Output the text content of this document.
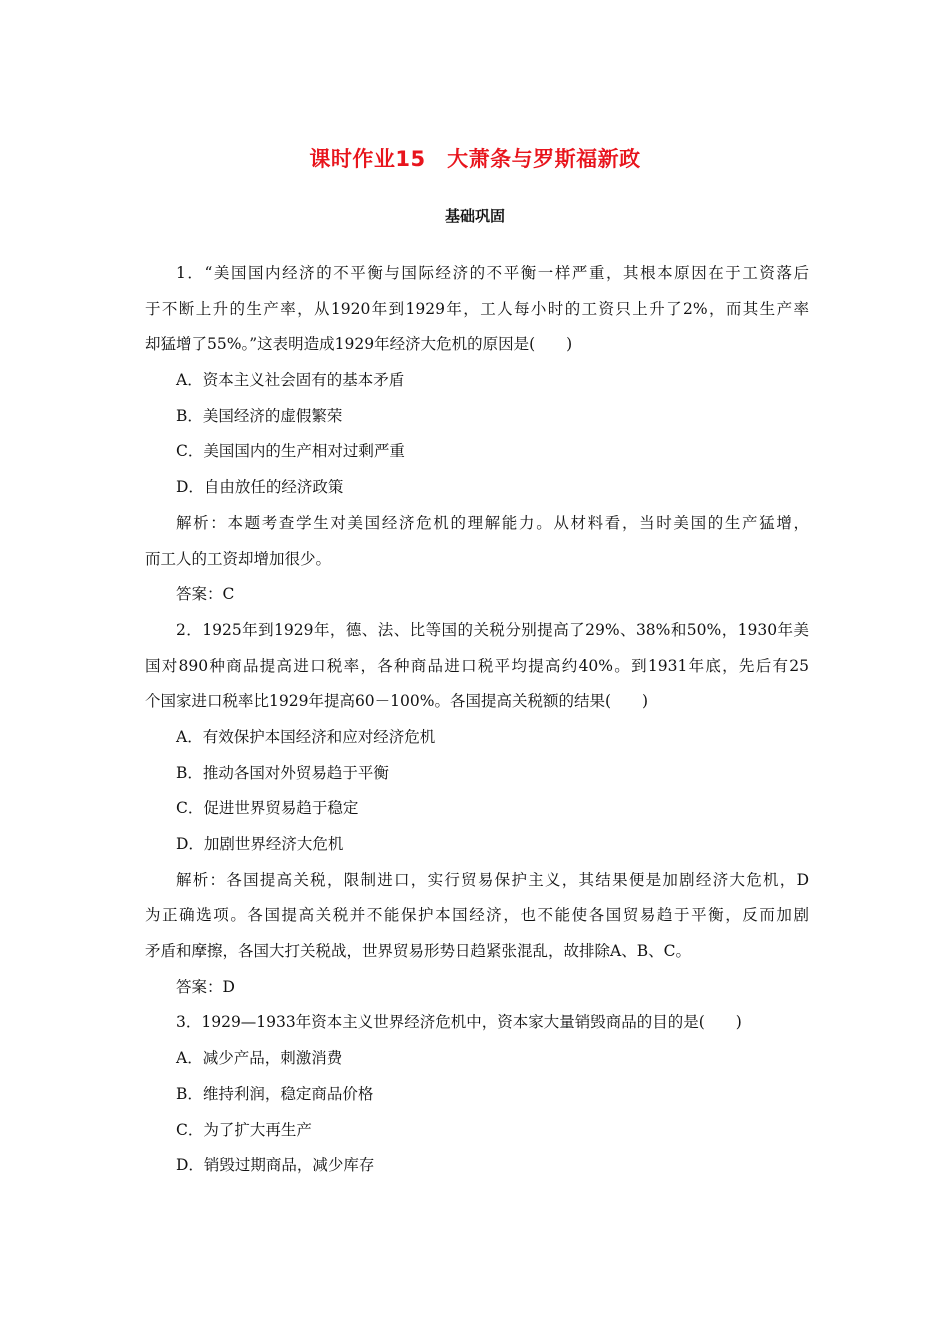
课时作业15　大萧条与罗斯福新政
基础巩固
1．“美国国内经济的不平衡与国际经济的不平衡一样严重，其根本原因在于工资落后
于不断上升的生产率，从1920年到1929年，工人每小时的工资只上升了2%，而其生产率
却猛增了55%。”这表明造成1929年经济大危机的原因是(　　)
A．资本主义社会固有的基本矛盾
B．美国经济的虚假繁荣
C．美国国内的生产相对过剩严重
D．自由放任的经济政策
解析：本题考查学生对美国经济危机的理解能力。从材料看，当时美国的生产猛增，
而工人的工资却增加很少。
答案：C
2．1925年到1929年，德、法、比等国的关税分别提高了29%、38%和50%，1930年美
国对890种商品提高进口税率，各种商品进口税平均提高约40%。到1931年底，先后有25
个国家进口税率比1929年提高60－100%。各国提高关税额的结果(　　)
A．有效保护本国经济和应对经济危机
B．推动各国对外贸易趋于平衡
C．促进世界贸易趋于稳定
D．加剧世界经济大危机
解析：各国提高关税，限制进口，实行贸易保护主义，其结果便是加剧经济大危机，D
为正确选项。各国提高关税并不能保护本国经济，也不能使各国贸易趋于平衡，反而加剧
矛盾和摩擦，各国大打关税战，世界贸易形势日趋紧张混乱，故排除A、B、C。
答案：D
3．1929—1933年资本主义世界经济危机中，资本家大量销毁商品的目的是(　　)
A．减少产品，刺激消费
B．维持利润，稳定商品价格
C．为了扩大再生产
D．销毁过期商品，减少库存
